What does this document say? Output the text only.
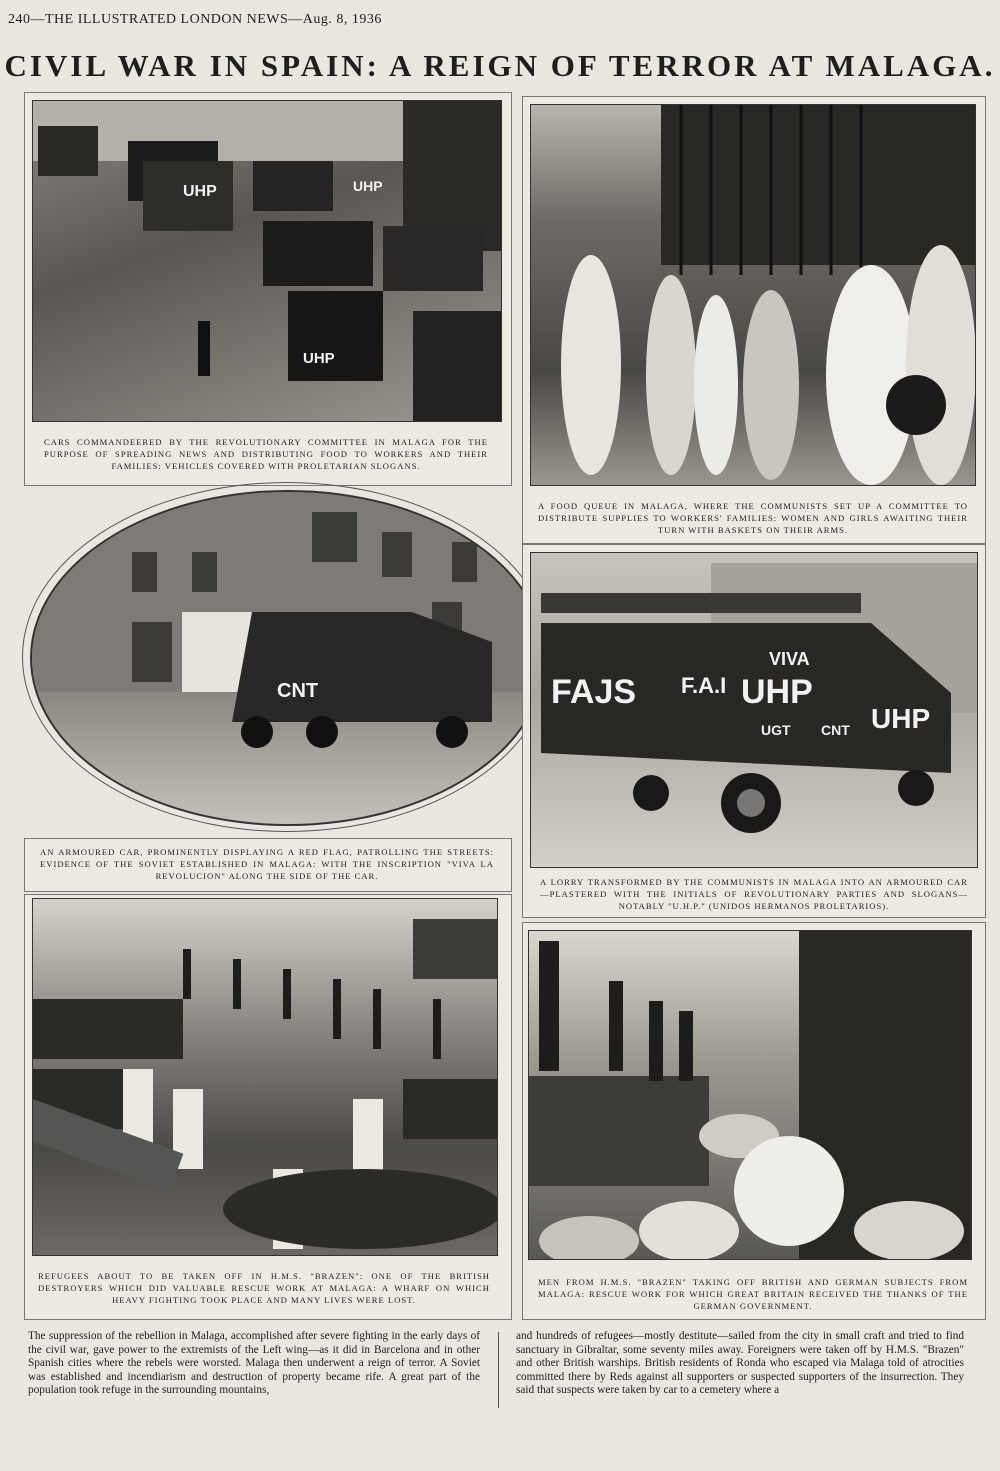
240—THE ILLUSTRATED LONDON NEWS—Aug. 8, 1936
CIVIL WAR IN SPAIN: A REIGN OF TERROR AT MALAGA.
UHP	UHP
UHP
CARS COMMANDEERED BY THE REVOLUTIONARY COMMITTEE IN MALAGA FOR THE PURPOSE OF SPREADING NEWS AND DISTRIBUTING FOOD TO WORKERS AND THEIR FAMILIES: VEHICLES COVERED WITH PROLETARIAN SLOGANS.
A FOOD QUEUE IN MALAGA, WHERE THE COMMUNISTS SET UP A COMMITTEE TO DISTRIBUTE SUPPLIES TO WORKERS' FAMILIES: WOMEN AND GIRLS AWAITING THEIR TURN WITH BASKETS ON THEIR ARMS.
CNT
AN ARMOURED CAR, PROMINENTLY DISPLAYING A RED FLAG, PATROLLING THE STREETS: EVIDENCE OF THE SOVIET ESTABLISHED IN MALAGA: WITH THE INSCRIPTION "VIVA LA REVOLUCION" ALONG THE SIDE OF THE CAR.
FAJS F.A.I UHP
VIVA
UGT CNT UHP
A LORRY TRANSFORMED BY THE COMMUNISTS IN MALAGA INTO AN ARMOURED CAR—PLASTERED WITH THE INITIALS OF REVOLUTIONARY PARTIES AND SLOGANS—NOTABLY "U.H.P." (UNIDOS HERMANOS PROLETARIOS).
REFUGEES ABOUT TO BE TAKEN OFF IN H.M.S. "BRAZEN": ONE OF THE BRITISH DESTROYERS WHICH DID VALUABLE RESCUE WORK AT MALAGA: A WHARF ON WHICH HEAVY FIGHTING TOOK PLACE AND MANY LIVES WERE LOST.
MEN FROM H.M.S. "BRAZEN" TAKING OFF BRITISH AND GERMAN SUBJECTS FROM MALAGA: RESCUE WORK FOR WHICH GREAT BRITAIN RECEIVED THE THANKS OF THE GERMAN GOVERNMENT.
The suppression of the rebellion in Malaga, accomplished after severe fighting in the early days of the civil war, gave power to the extremists of the Left wing—as it did in Barcelona and in other Spanish cities where the rebels were worsted. Malaga then underwent a reign of terror. A Soviet was established and incendiarism and destruction of property became rife. A great part of the population took refuge in the surrounding mountains,
and hundreds of refugees—mostly destitute—sailed from the city in small craft and tried to find sanctuary in Gibraltar, some seventy miles away. Foreigners were taken off by H.M.S. "Brazen" and other British warships. British residents of Ronda who escaped via Malaga told of atrocities committed there by Reds against all supporters or suspected supporters of the insurrection. They said that suspects were taken by car to a cemetery where a
